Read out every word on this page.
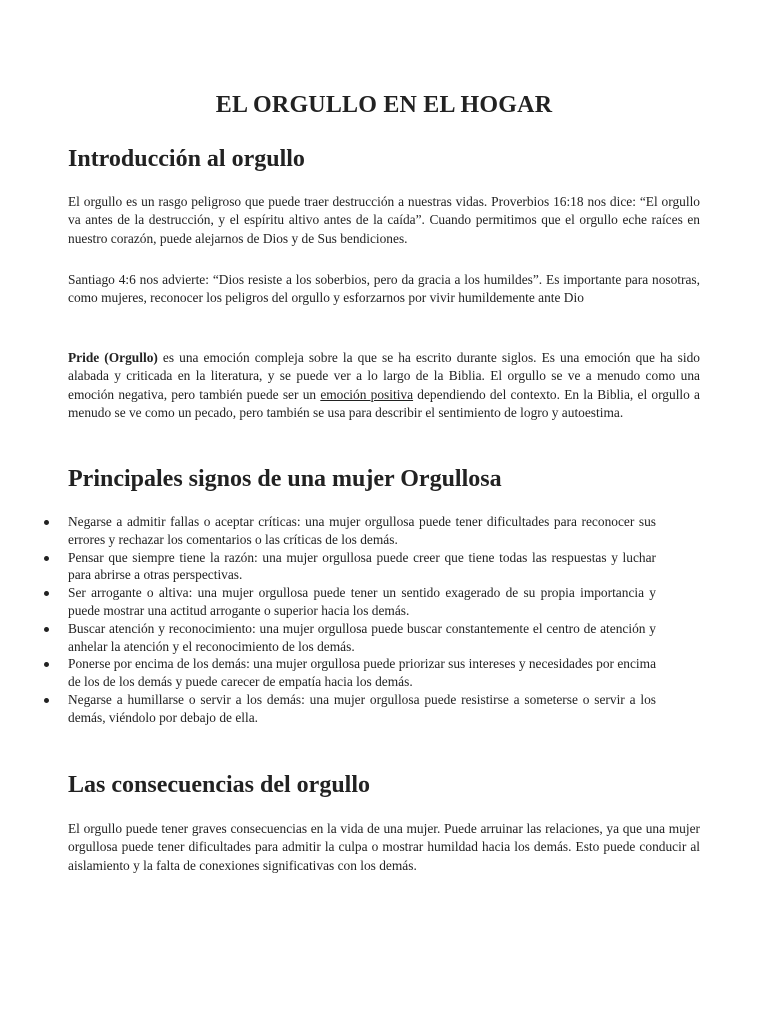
EL ORGULLO EN EL HOGAR
Introducción al orgullo

El orgullo es un rasgo peligroso que puede traer destrucción a nuestras vidas. Proverbios 16:18 nos dice: “El orgullo va antes de la destrucción, y el espíritu altivo antes de la caída”. Cuando permitimos que el orgullo eche raíces en nuestro corazón, puede alejarnos de Dios y de Sus bendiciones.

Santiago 4:6 nos advierte: “Dios resiste a los soberbios, pero da gracia a los humildes”. Es importante para nosotras, como mujeres, reconocer los peligros del orgullo y esforzarnos por vivir humildemente ante Dio

Pride (Orgullo) es una emoción compleja sobre la que se ha escrito durante siglos. Es una emoción que ha sido alabada y criticada en la literatura, y se puede ver a lo largo de la Biblia. El orgullo se ve a menudo como una emoción negativa, pero también puede ser un emoción positiva dependiendo del contexto. En la Biblia, el orgullo a menudo se ve como un pecado, pero también se usa para describir el sentimiento de logro y autoestima.

Principales signos de una mujer Orgullosa
Negarse a admitir fallas o aceptar críticas: una mujer orgullosa puede tener dificultades para reconocer sus errores y rechazar los comentarios o las críticas de los demás.
Pensar que siempre tiene la razón: una mujer orgullosa puede creer que tiene todas las respuestas y luchar para abrirse a otras perspectivas.
Ser arrogante o altiva: una mujer orgullosa puede tener un sentido exagerado de su propia importancia y puede mostrar una actitud arrogante o superior hacia los demás.
Buscar atención y reconocimiento: una mujer orgullosa puede buscar constantemente el centro de atención y anhelar la atención y el reconocimiento de los demás.
Ponerse por encima de los demás: una mujer orgullosa puede priorizar sus intereses y necesidades por encima de los de los demás y puede carecer de empatía hacia los demás.
Negarse a humillarse o servir a los demás: una mujer orgullosa puede resistirse a someterse o servir a los demás, viéndolo por debajo de ella.
Las consecuencias del orgullo

El orgullo puede tener graves consecuencias en la vida de una mujer. Puede arruinar las relaciones, ya que una mujer orgullosa puede tener dificultades para admitir la culpa o mostrar humildad hacia los demás. Esto puede conducir al aislamiento y la falta de conexiones significativas con los demás.
